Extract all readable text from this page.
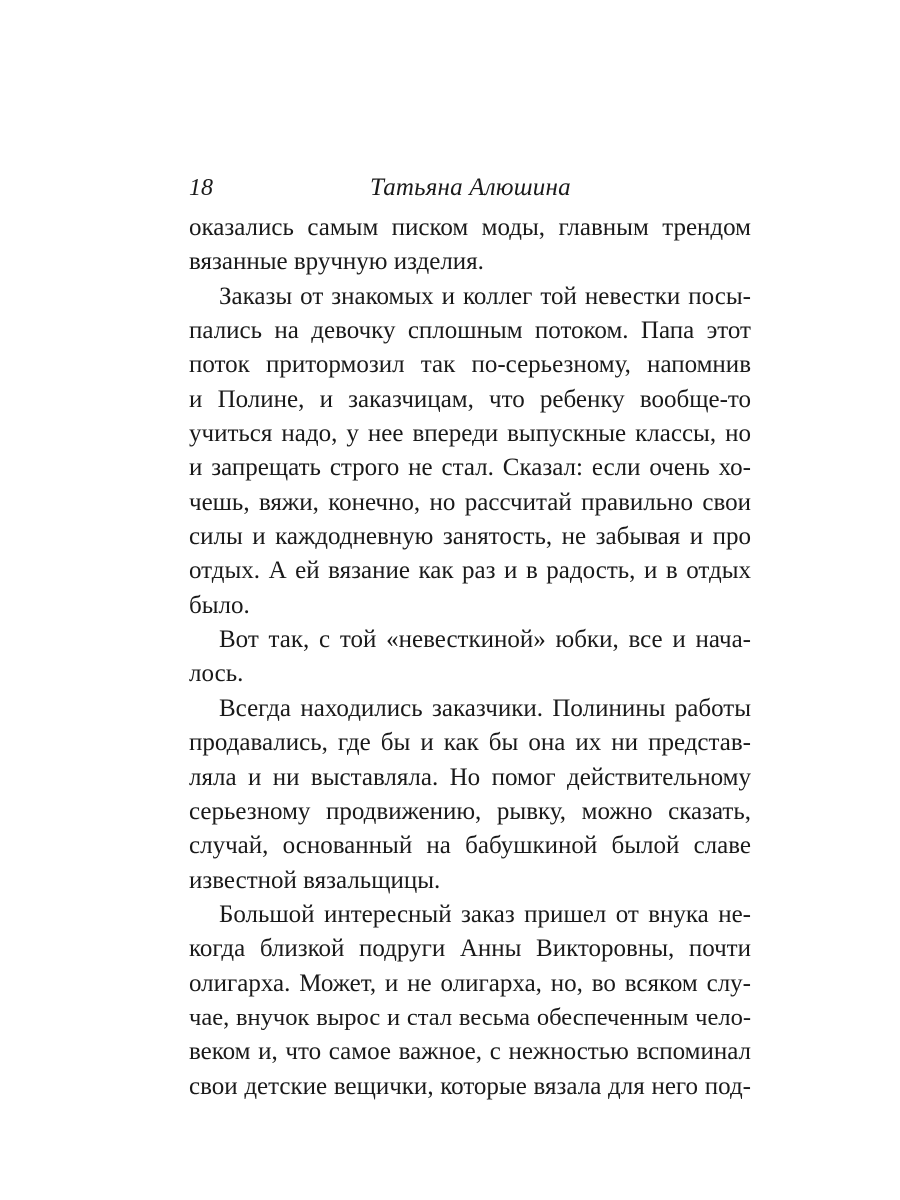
18	Татьяна Алюшина
оказались самым писком моды, главным трендом
вязанные вручную изделия.
Заказы от знакомых и коллег той невестки посы-
пались на девочку сплошным потоком. Папа этот
поток притормозил так по-серьезному, напомнив
и Полине, и заказчицам, что ребенку вообще-то
учиться надо, у нее впереди выпускные классы, но
и запрещать строго не стал. Сказал: если очень хо-
чешь, вяжи, конечно, но рассчитай правильно свои
силы и каждодневную занятость, не забывая и про
отдых. А ей вязание как раз и в радость, и в отдых
было.
Вот так, с той «невесткиной» юбки, все и нача-
лось.
Всегда находились заказчики. Полинины работы
продавались, где бы и как бы она их ни представ-
ляла и ни выставляла. Но помог действительному
серьезному продвижению, рывку, можно сказать,
случай, основанный на бабушкиной былой славе
известной вязальщицы.
Большой интересный заказ пришел от внука не-
когда близкой подруги Анны Викторовны, почти
олигарха. Может, и не олигарха, но, во всяком слу-
чае, внучок вырос и стал весьма обеспеченным чело-
веком и, что самое важное, с нежностью вспоминал
свои детские вещички, которые вязала для него под-
